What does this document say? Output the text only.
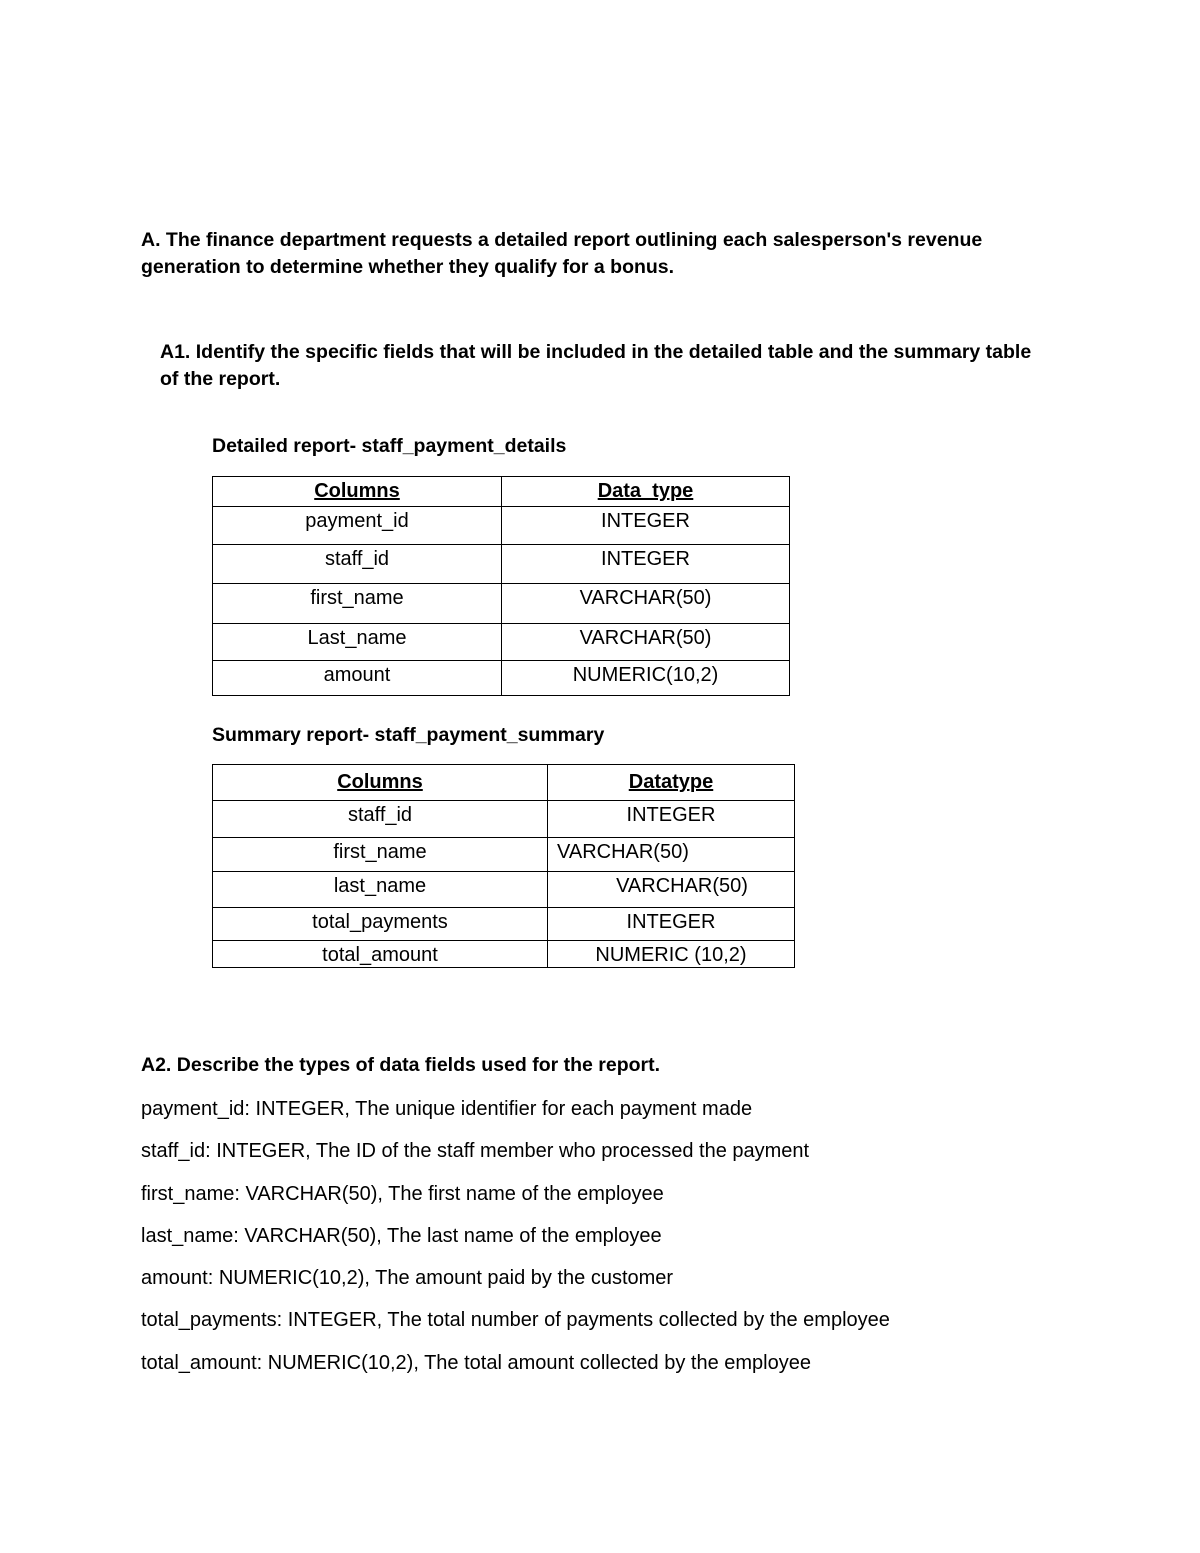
A. The finance department requests a detailed report outlining each salesperson's revenue generation to determine whether they qualify for a bonus.
A1. Identify the specific fields that will be included in the detailed table and the summary table of the report.
Detailed report- staff_payment_details
Columns	Data_type
payment_id	INTEGER
staff_id	INTEGER
first_name	VARCHAR(50)
Last_name	VARCHAR(50)
amount	NUMERIC(10,2)
Summary report- staff_payment_summary
Columns	Datatype
staff_id	INTEGER
first_name	VARCHAR(50)
last_name	VARCHAR(50)
total_payments	INTEGER
total_amount	NUMERIC (10,2)
A2. Describe the types of data fields used for the report.
payment_id: INTEGER, The unique identifier for each payment made
staff_id: INTEGER, The ID of the staff member who processed the payment
first_name: VARCHAR(50), The first name of the employee
last_name: VARCHAR(50), The last name of the employee
amount: NUMERIC(10,2), The amount paid by the customer
total_payments: INTEGER, The total number of payments collected by the employee
total_amount: NUMERIC(10,2), The total amount collected by the employee
